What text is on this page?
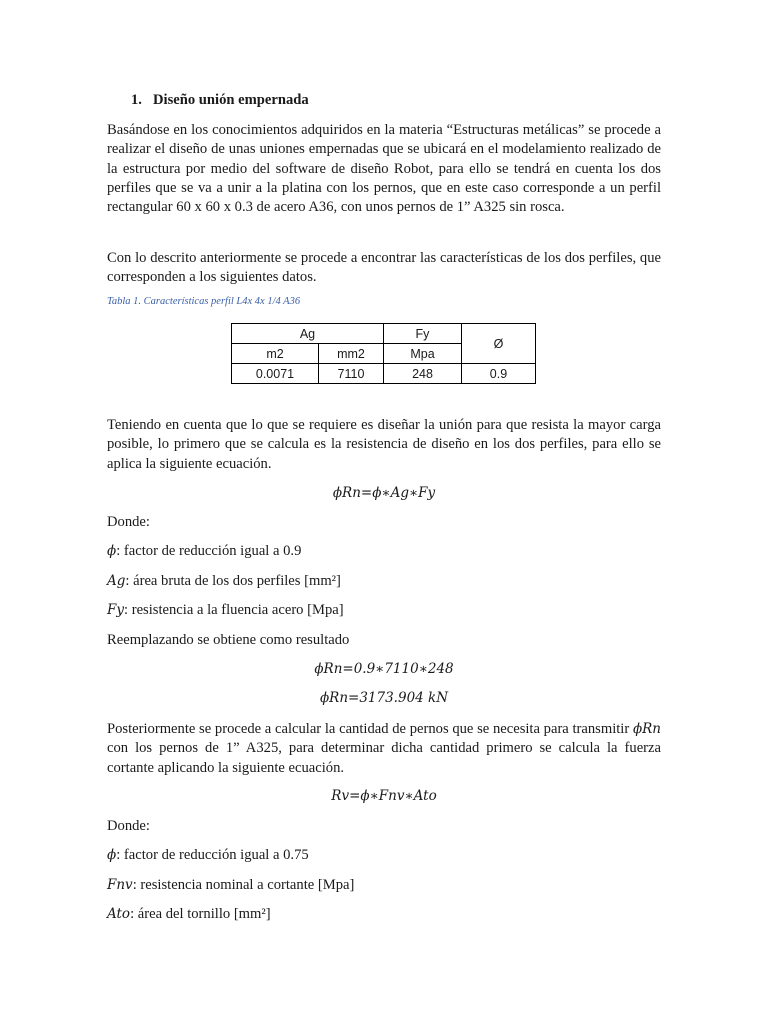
1. Diseño unión empernada

Basándose en los conocimientos adquiridos en la materia “Estructuras metálicas” se procede a realizar el diseño de unas uniones empernadas que se ubicará en el modelamiento realizado de la estructura por medio del software de diseño Robot, para ello se tendrá en cuenta los dos perfiles que se va a unir a la platina con los pernos, que en este caso corresponde a un perfil rectangular 60 x 60 x 0.3 de acero A36, con unos pernos de 1” A325 sin rosca.

Con lo descrito anteriormente se procede a encontrar las características de los dos perfiles, que corresponden a los siguientes datos.

Tabla 1. Características perfil L4x 4x 1/4 A36

Ag		Fy	Ø
m2	mm2	Mpa	
0.0071	7110	248	0.9

Teniendo en cuenta que lo que se requiere es diseñar la unión para que resista la mayor carga posible, lo primero que se calcula es la resistencia de diseño en los dos perfiles, para ello se aplica la siguiente ecuación.

ϕRn=ϕ∗Ag∗Fy

Donde:

ϕ: factor de reducción igual a 0.9

Ag: área bruta de los dos perfiles [mm²]

Fy: resistencia a la fluencia acero [Mpa]

Reemplazando se obtiene como resultado

ϕRn=0.9∗7110∗248

ϕRn=3173.904 kN

Posteriormente se procede a calcular la cantidad de pernos que se necesita para transmitir ϕRn con los pernos de 1” A325, para determinar dicha cantidad primero se calcula la fuerza cortante aplicando la siguiente ecuación.

Rv=ϕ∗Fnv∗Ato

Donde:

ϕ: factor de reducción igual a 0.75

Fnv: resistencia nominal a cortante [Mpa]

Ato: área del tornillo [mm²]
